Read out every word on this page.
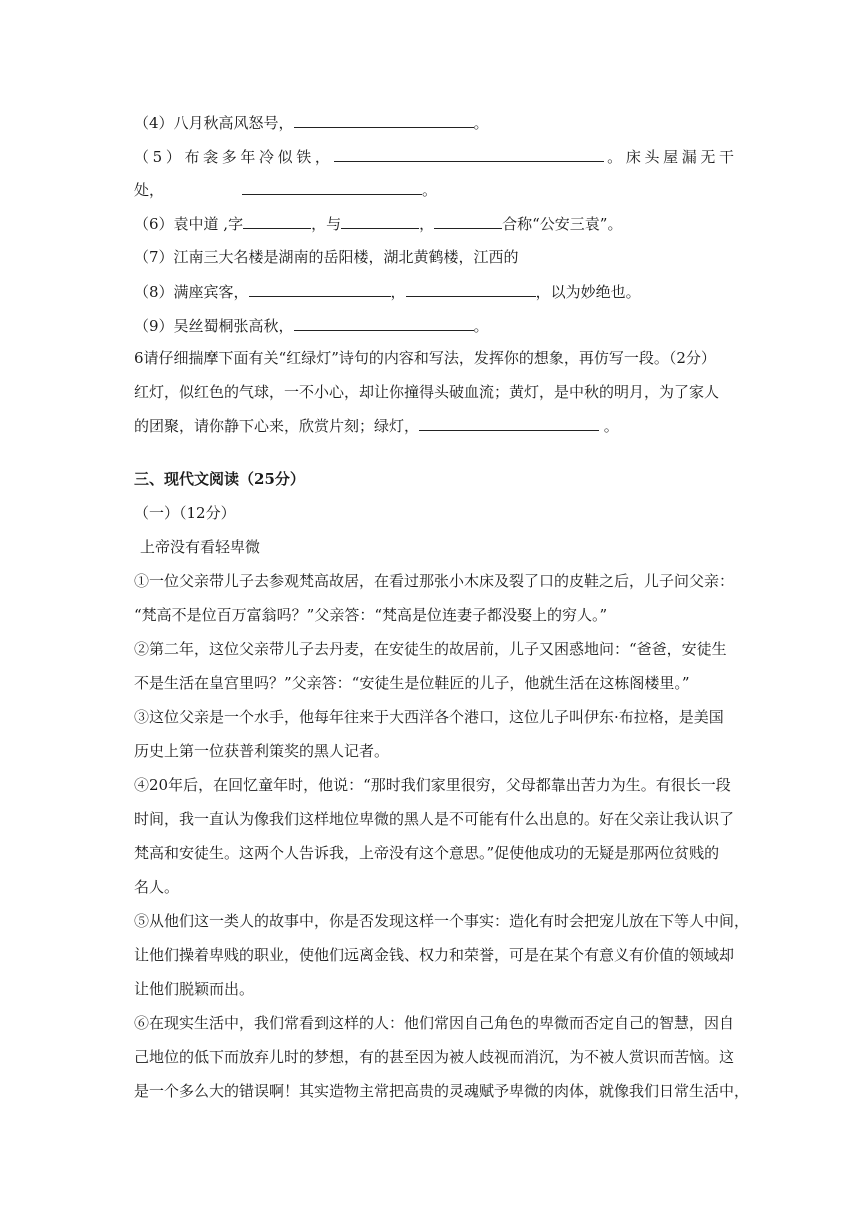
（4）八月秋高风怒号，	。
（5）布衾多年冷似铁，	。床头屋漏无干
处，	。
（6）袁中道 ,字	，与	，	合称“公安三袁”。
（7）江南三大名楼是湖南的岳阳楼，湖北黄鹤楼，江西的
（8）满座宾客，	，	，以为妙绝也。
（9）吴丝蜀桐张高秋，	。
6请仔细揣摩下面有关“红绿灯”诗句的内容和写法，发挥你的想象，再仿写一段。（2分）
红灯，似红色的气球，一不小心，却让你撞得头破血流；黄灯，是中秋的明月，为了家人
的团聚，请你静下心来，欣赏片刻；绿灯，	。
三、现代文阅读（25分）
（一）（12分）
上帝没有看轻卑微
①一位父亲带儿子去参观梵高故居，在看过那张小木床及裂了口的皮鞋之后，儿子问父亲：
“梵高不是位百万富翁吗？”父亲答：“梵高是位连妻子都没娶上的穷人。”
②第二年，这位父亲带儿子去丹麦，在安徒生的故居前，儿子又困惑地问：“爸爸，安徒生
不是生活在皇宫里吗？”父亲答：“安徒生是位鞋匠的儿子，他就生活在这栋阁楼里。”
③这位父亲是一个水手，他每年往来于大西洋各个港口，这位儿子叫伊东·布拉格，是美国
历史上第一位获普利策奖的黑人记者。
④20年后，在回忆童年时，他说：“那时我们家里很穷，父母都靠出苦力为生。有很长一段
时间，我一直认为像我们这样地位卑微的黑人是不可能有什么出息的。好在父亲让我认识了
梵高和安徒生。这两个人告诉我，上帝没有这个意思。”促使他成功的无疑是那两位贫贱的
名人。
⑤从他们这一类人的故事中，你是否发现这样一个事实：造化有时会把宠儿放在下等人中间，
让他们操着卑贱的职业，使他们远离金钱、权力和荣誉，可是在某个有意义有价值的领域却
让他们脱颖而出。
⑥在现实生活中，我们常看到这样的人：他们常因自己角色的卑微而否定自己的智慧，因自
己地位的低下而放弃儿时的梦想，有的甚至因为被人歧视而消沉，为不被人赏识而苦恼。这
是一个多么大的错误啊！其实造物主常把高贵的灵魂赋予卑微的肉体，就像我们日常生活中，
